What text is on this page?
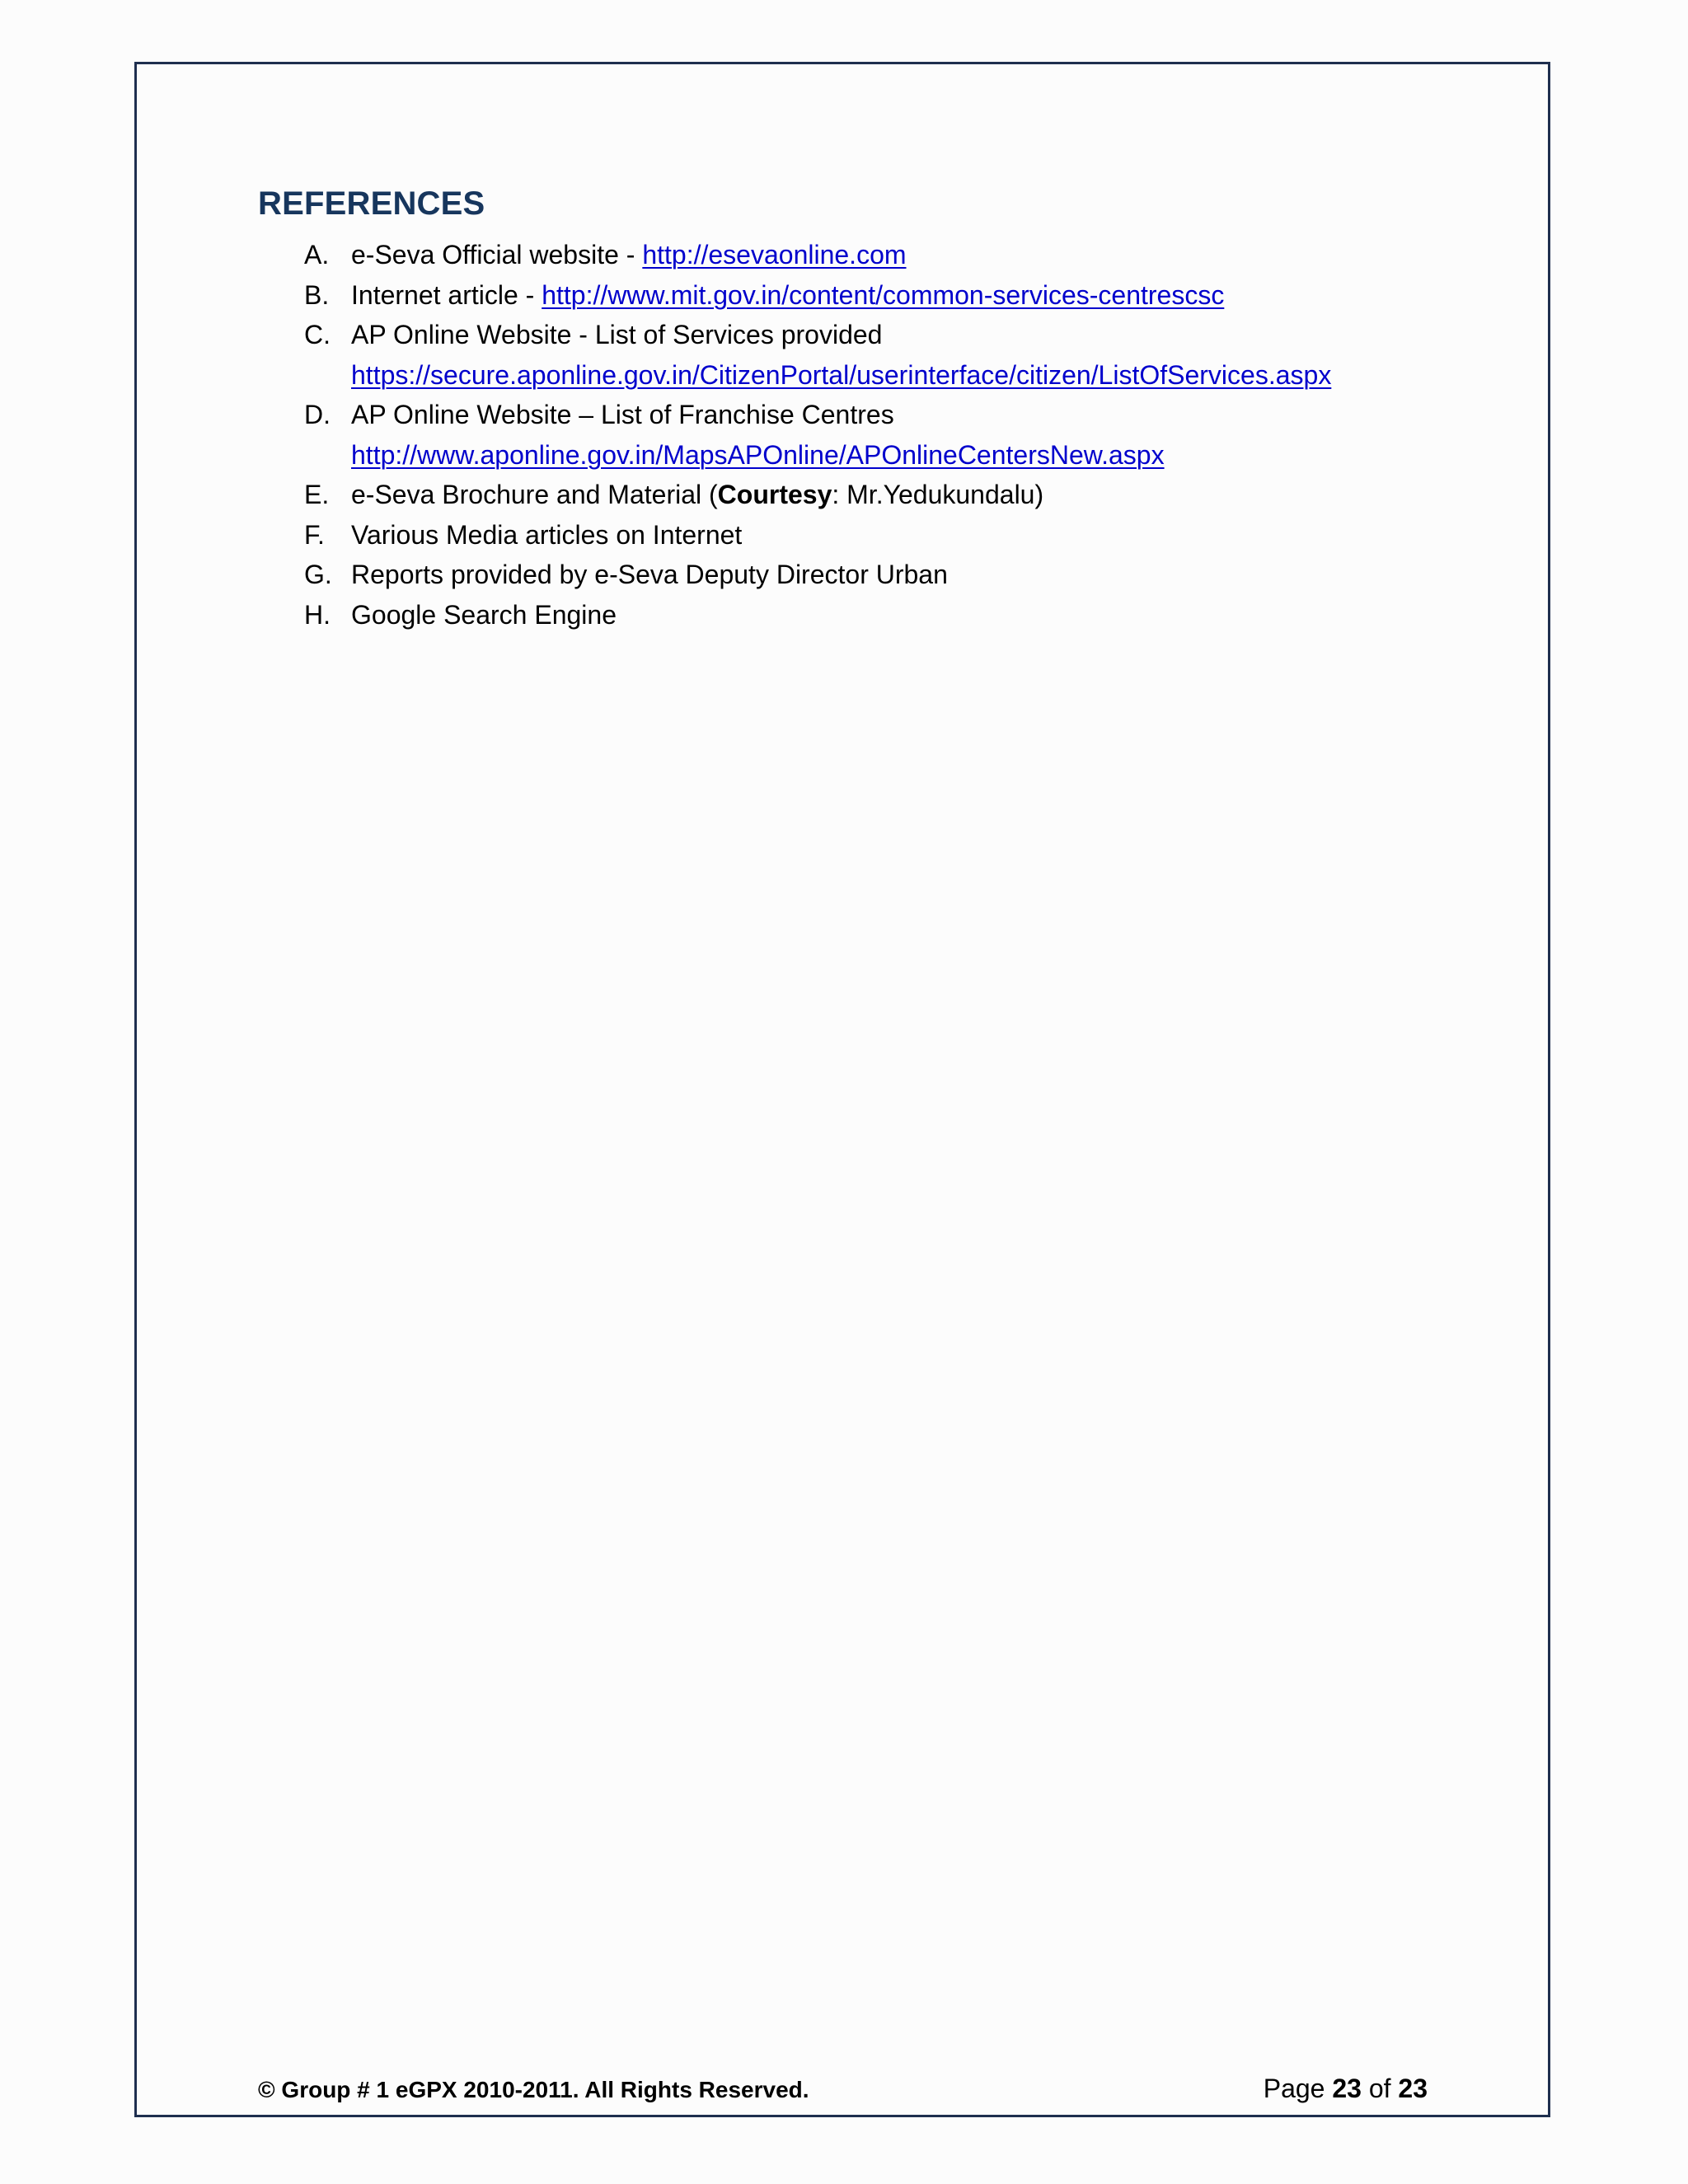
REFERENCES
A. e-Seva Official website - http://esevaonline.com
B. Internet article - http://www.mit.gov.in/content/common-services-centrescsc
C. AP Online Website - List of Services provided
https://secure.aponline.gov.in/CitizenPortal/userinterface/citizen/ListOfServices.aspx
D. AP Online Website – List of Franchise Centres
http://www.aponline.gov.in/MapsAPOnline/APOnlineCentersNew.aspx
E. e-Seva Brochure and Material (Courtesy: Mr.Yedukundalu)
F. Various Media articles on Internet
G. Reports provided by e-Seva Deputy Director Urban
H. Google Search Engine
© Group # 1 eGPX 2010-2011. All Rights Reserved.	Page 23 of 23
